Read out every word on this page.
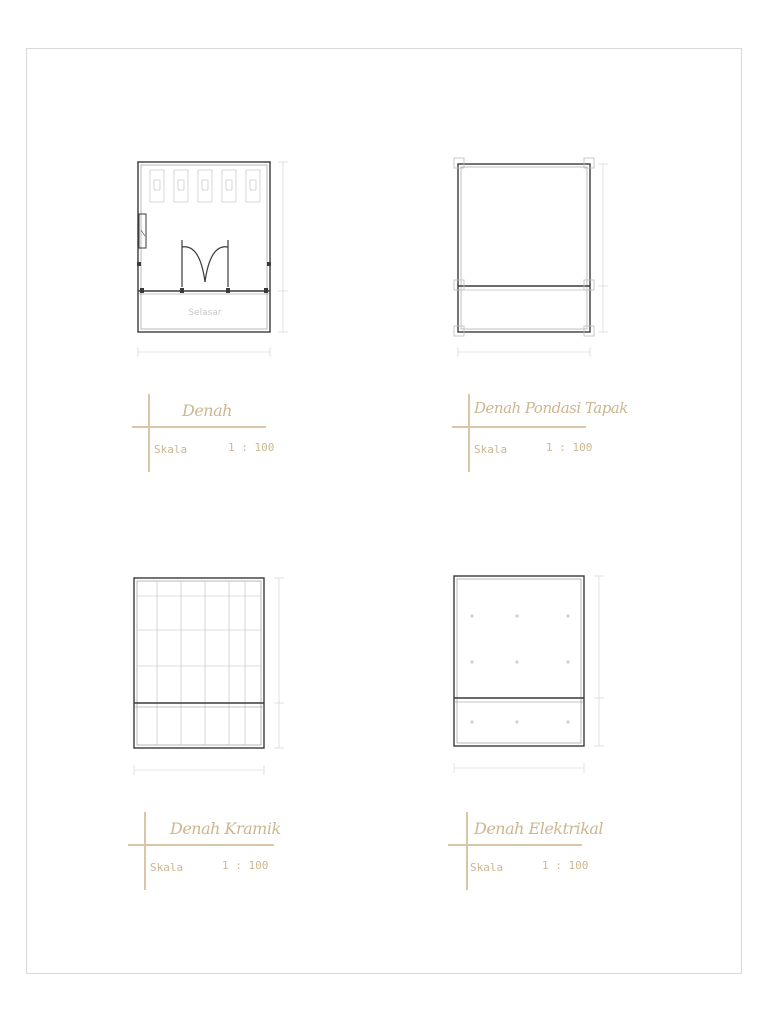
Selasar
Denah
Skala	1 : 100
Denah Pondasi Tapak
Skala	1 : 100
Denah Kramik
Skala	1 : 100
Denah Elektrikal
Skala	1 : 100
